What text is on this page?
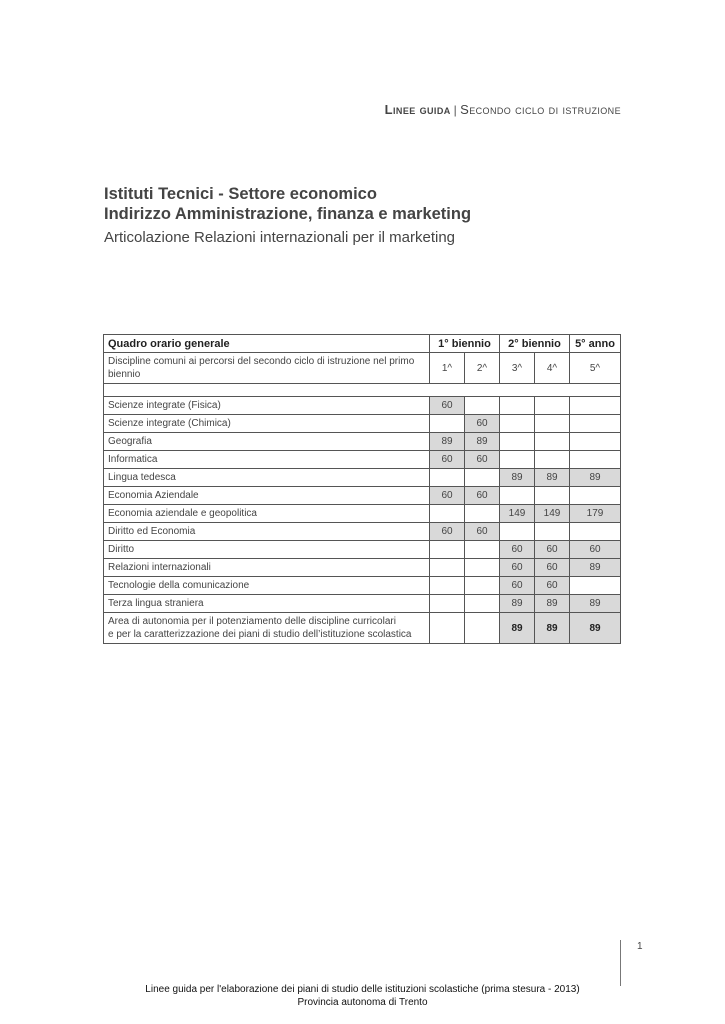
Linee guida | Secondo ciclo di istruzione
Istituti Tecnici - Settore economico
Indirizzo Amministrazione, finanza e marketing
Articolazione Relazioni internazionali per il marketing
Quadro orario generale	1° biennio		2° biennio		5° anno
Discipline comuni ai percorsi del secondo ciclo di istruzione nel primo biennio	1^	2^	3^	4^	5^

Scienze integrate (Fisica)	60				
Scienze integrate (Chimica)		60			
Geografia	89	89			
Informatica	60	60			
Lingua tedesca			89	89	89
Economia Aziendale	60	60			
Economia aziendale e geopolitica			149	149	179
Diritto ed Economia	60	60			
Diritto			60	60	60
Relazioni internazionali			60	60	89
Tecnologie della comunicazione			60	60	
Terza lingua straniera			89	89	89
Area di autonomia per il potenziamento delle discipline curricolari
e per la caratterizzazione dei piani di studio dell’istituzione scolastica			89	89	89
1
Linee guida per l'elaborazione dei piani di studio delle istituzioni scolastiche (prima stesura - 2013)
Provincia autonoma di Trento
